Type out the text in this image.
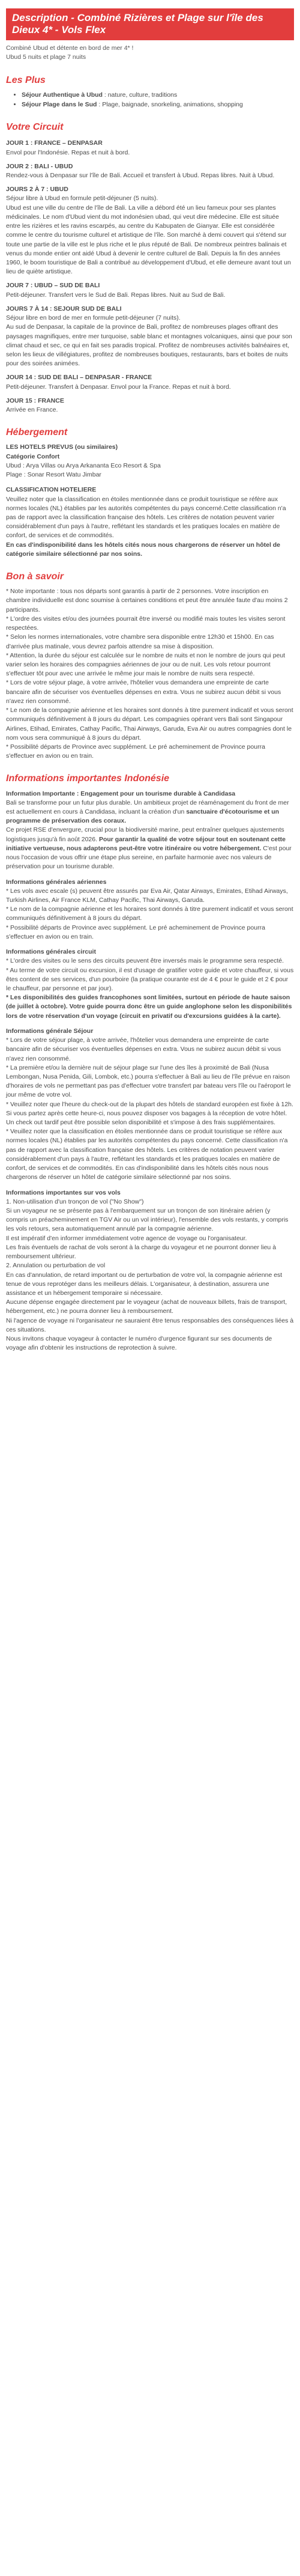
Description - Combiné Rizières et Plage sur l'île des Dieux 4* - Vols Flex

Combiné Ubud et détente en bord de mer 4* !

Ubud 5 nuits et plage 7 nuits

Les Plus
• Séjour Authentique à Ubud : nature, culture, traditions
• Séjour Plage dans le Sud : Plage, baignade, snorkeling, animations, shopping
Votre Circuit

JOUR 1 : FRANCE – DENPASAR

Envol pour l'Indonésie. Repas et nuit à bord.

JOUR 2 : BALI - UBUD

Rendez-vous à Denpasar sur l'île de Bali. Accueil et transfert à Ubud. Repas libres. Nuit à Ubud.

JOURS 2 À 7 : UBUD

Séjour libre à Ubud en formule petit-déjeuner (5 nuits).

Ubud est une ville du centre de l'île de Bali. La ville a débord été un lieu fameux pour ses plantes médicinales. Le nom d'Ubud vient du mot indonésien ubad, qui veut dire médecine. Elle est située entre les rizières et les ravins escarpés, au centre du Kabupaten de Gianyar. Elle est considérée comme le centre du tourisme culturel et artistique de l'île. Son marché à demi couvert qui s'étend sur toute une partie de la ville est le plus riche et le plus réputé de Bali. De nombreux peintres balinais et venus du monde entier ont aidé Ubud à devenir le centre culturel de Bali. Depuis la fin des années 1960, le boom touristique de Bali a contribué au développement d'Ubud, et elle demeure avant tout un lieu de quiète artistique.

JOUR 7 : UBUD – SUD DE BALI

Petit-déjeuner. Transfert vers le Sud de Bali. Repas libres. Nuit au Sud de Bali.

JOURS 7 À 14 : SEJOUR SUD DE BALI

Séjour libre en bord de mer en formule petit-déjeuner (7 nuits).

Au sud de Denpasar, la capitale de la province de Bali, profitez de nombreuses plages offrant des paysages magnifiques, entre mer turquoise, sable blanc et montagnes volcaniques, ainsi que pour son climat chaud et sec, ce qui en fait ses paradis tropical. Profitez de nombreuses activités balnéaires et, selon les lieux de villégiatures, profitez de nombreuses boutiques, restaurants, bars et boites de nuits pour des soirées animées.

JOUR 14 : SUD DE BALI – DENPASAR - FRANCE

Petit-déjeuner. Transfert à Denpasar. Envol pour la France. Repas et nuit à bord.

JOUR 15 : FRANCE

Arrivée en France.

Hébergement

LES HOTELS PREVUS (ou similaires)

Catégorie Confort

Ubud : Arya Villas ou Arya Arkananta Eco Resort & Spa

Plage : Sonar Resort Watu Jimbar

CLASSIFICATION HOTELIERE

Veuillez noter que la classification en étoiles mentionnée dans ce produit touristique se réfère aux normes locales (NL) établies par les autorités compétentes du pays concerné.Cette classification n'a pas de rapport avec la classification française des hôtels. Les critères de notation peuvent varier considérablement d'un pays à l'autre, reflétant les standards et les pratiques locales en matière de confort, de services et de commodités.

En cas d'indisponibilité dans les hôtels cités nous nous chargerons de réserver un hôtel de catégorie similaire sélectionné par nos soins.

Bon à savoir

* Note importante : tous nos départs sont garantis à partir de 2 personnes. Votre inscription en chambre individuelle est donc soumise à certaines conditions et peut être annulée faute d'au moins 2 participants.

* L'ordre des visites et/ou des journées pourrait être inversé ou modifié mais toutes les visites seront respectées.

* Selon les normes internationales, votre chambre sera disponible entre 12h30 et 15h00. En cas d'arrivée plus matinale, vous devrez parfois attendre sa mise à disposition.

* Attention, la durée du séjour est calculée sur le nombre de nuits et non le nombre de jours qui peut varier selon les horaires des compagnies aériennes de jour ou de nuit. Les vols retour pourront s'effectuer tôt pour avec une arrivée le même jour mais le nombre de nuits sera respecté.

* Lors de votre séjour plage, à votre arrivée, l'hôtelier vous demandera une empreinte de carte bancaire afin de sécuriser vos éventuelles dépenses en extra. Vous ne subirez aucun débit si vous n'avez rien consommé.

* Le nom de la compagnie aérienne et les horaires sont donnés à titre purement indicatif et vous seront communiqués définitivement à 8 jours du départ. Les compagnies opérant vers Bali sont Singapour Airlines, Etihad, Emirates, Cathay Pacific, Thai Airways, Garuda, Eva Air ou autres compagnies dont le nom vous sera communiqué à 8 jours du départ.

* Possibilité départs de Province avec supplément. Le pré acheminement de Province pourra s'effectuer en avion ou en train.

Informations importantes Indonésie

Information Importante : Engagement pour un tourisme durable à Candidasa

Bali se transforme pour un futur plus durable. Un ambitieux projet de réaménagement du front de mer est actuellement en cours à Candidasa, incluant la création d'un sanctuaire d'écotourisme et un programme de préservation des coraux.

Ce projet RSE d'envergure, crucial pour la biodiversité marine, peut entraîner quelques ajustements logistiques jusqu'à fin août 2026. Pour garantir la qualité de votre séjour tout en soutenant cette initiative vertueuse, nous adapterons peut-être votre itinéraire ou votre hébergement. C'est pour nous l'occasion de vous offrir une étape plus sereine, en parfaite harmonie avec nos valeurs de préservation pour un tourisme durable.

Informations générales aériennes

* Les vols avec escale (s) peuvent être assurés par Eva Air, Qatar Airways, Emirates, Etihad Airways, Turkish Airlines, Air France KLM, Cathay Pacific, Thai Airways, Garuda.

* Le nom de la compagnie aérienne et les horaires sont donnés à titre purement indicatif et vous seront communiqués définitivement à 8 jours du départ.

* Possibilité départs de Province avec supplément. Le pré acheminement de Province pourra s'effectuer en avion ou en train.

Informations générales circuit

* L'ordre des visites ou le sens des circuits peuvent être inversés mais le programme sera respecté.

* Au terme de votre circuit ou excursion, il est d'usage de gratifier votre guide et votre chauffeur, si vous êtes content de ses services, d'un pourboire (la pratique courante est de 4 € pour le guide et 2 € pour le chauffeur, par personne et par jour).

* Les disponibilités des guides francophones sont limitées, surtout en période de haute saison (de juillet à octobre). Votre guide pourra donc être un guide anglophone selon les disponibilités lors de votre réservation d'un voyage (circuit en privatif ou d'excursions guidées à la carte).

Informations générale Séjour

* Lors de votre séjour plage, à votre arrivée, l'hôtelier vous demandera une empreinte de carte bancaire afin de sécuriser vos éventuelles dépenses en extra. Vous ne subirez aucun débit si vous n'avez rien consommé.

* La première et/ou la dernière nuit de séjour plage sur l'une des îles à proximité de Bali (Nusa Lembongan, Nusa Penida, Gili, Lombok, etc.) pourra s'effectuer à Bali au lieu de l'île prévue en raison d'horaires de vols ne permettant pas pas d'effectuer votre transfert par bateau vers l'île ou l'aéroport le jour même de votre vol.

* Veuillez noter que l'heure du check-out de la plupart des hôtels de standard européen est fixée à 12h. Si vous partez après cette heure-ci, nous pouvez disposer vos bagages à la réception de votre hôtel. Un check out tardif peut être possible selon disponibilité et s'impose à des frais supplémentaires.

* Veuillez noter que la classification en étoiles mentionnée dans ce produit touristique se réfère aux normes locales (NL) établies par les autorités compétentes du pays concerné. Cette classification n'a pas de rapport avec la classification française des hôtels. Les critères de notation peuvent varier considérablement d'un pays à l'autre, reflétant les standards et les pratiques locales en matière de confort, de services et de commodités. En cas d'indisponibilité dans les hôtels cités nous nous chargerons de réserver un hôtel de catégorie similaire sélectionné par nos soins.

Informations importantes sur vos vols

1. Non-utilisation d'un tronçon de vol ("No Show")

Si un voyageur ne se présente pas à l'embarquement sur un tronçon de son itinéraire aérien (y compris un préacheminement en TGV Air ou un vol intérieur), l'ensemble des vols restants, y compris les vols retours, sera automatiquement annulé par la compagnie aérienne.

Il est impératif d'en informer immédiatement votre agence de voyage ou l'organisateur.

Les frais éventuels de rachat de vols seront à la charge du voyageur et ne pourront donner lieu à remboursement ultérieur.

2. Annulation ou perturbation de vol

En cas d'annulation, de retard important ou de perturbation de votre vol, la compagnie aérienne est tenue de vous reprotéger dans les meilleurs délais. L'organisateur, à destination, assurera une assistance et un hébergement temporaire si nécessaire.

Aucune dépense engagée directement par le voyageur (achat de nouveaux billets, frais de transport, hébergement, etc.) ne pourra donner lieu à remboursement.

Ni l'agence de voyage ni l'organisateur ne sauraient être tenus responsables des conséquences liées à ces situations.

Nous invitons chaque voyageur à contacter le numéro d'urgence figurant sur ses documents de voyage afin d'obtenir les instructions de reprotection à suivre.
